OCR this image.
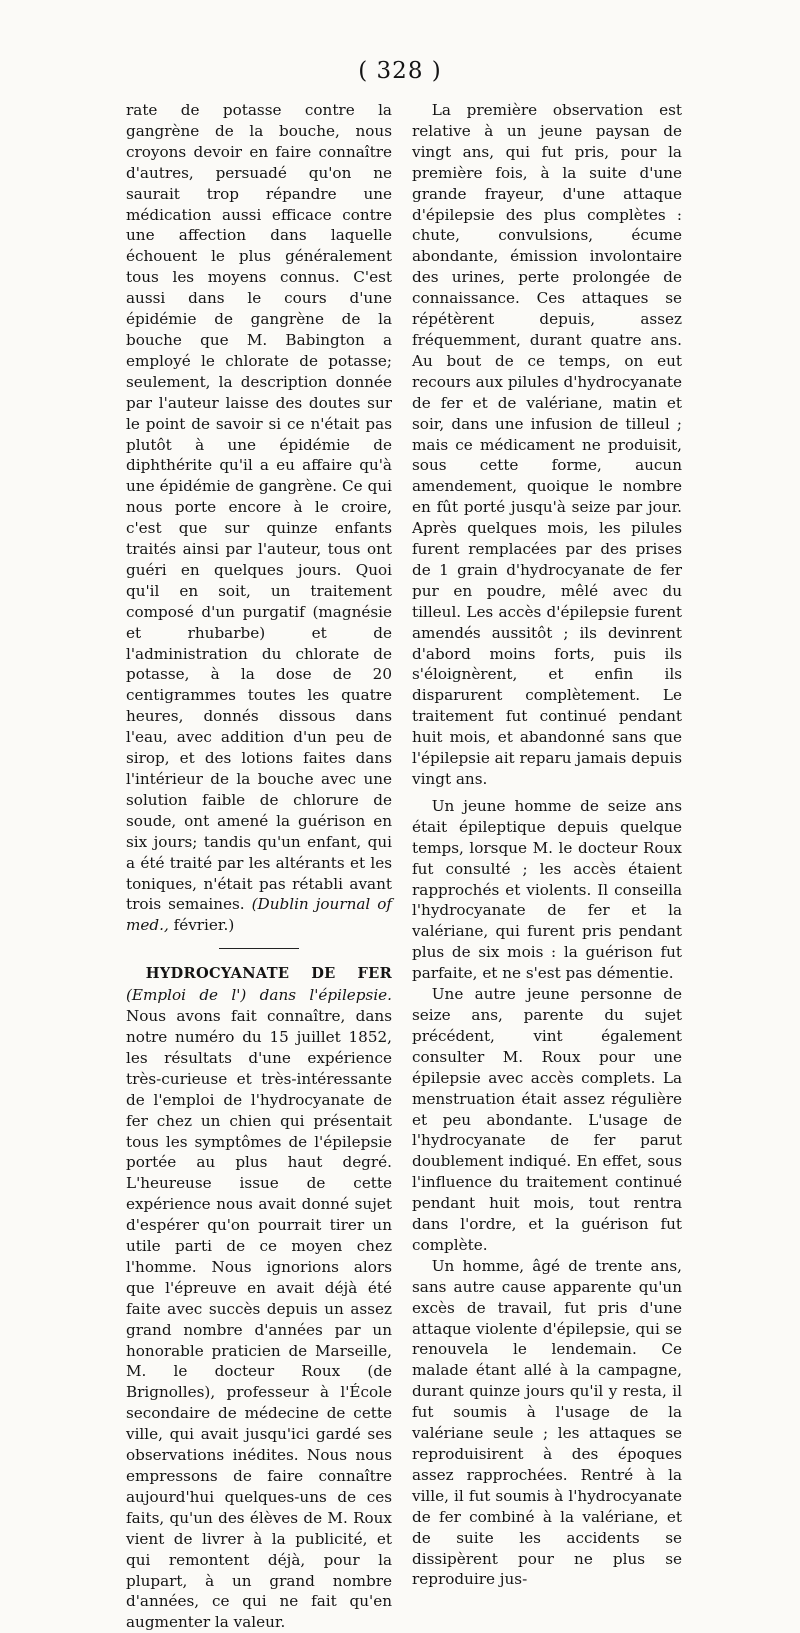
( 328 )

rate de potasse contre la gangrène de la bouche, nous croyons devoir en faire connaître d'autres, persuadé qu'on ne saurait trop répandre une médication aussi efficace contre une affection dans laquelle échouent le plus généralement tous les moyens connus. C'est aussi dans le cours d'une épidémie de gangrène de la bouche que M. Babington a employé le chlorate de potasse; seulement, la description donnée par l'auteur laisse des doutes sur le point de savoir si ce n'était pas plutôt à une épidémie de diphthérite qu'il a eu affaire qu'à une épidémie de gangrène. Ce qui nous porte encore à le croire, c'est que sur quinze enfants traités ainsi par l'auteur, tous ont guéri en quelques jours. Quoi qu'il en soit, un traitement composé d'un purgatif (magnésie et rhubarbe) et de l'administration du chlorate de potasse, à la dose de 20 centigrammes toutes les quatre heures, donnés dissous dans l'eau, avec addition d'un peu de sirop, et des lotions faites dans l'intérieur de la bouche avec une solution faible de chlorure de soude, ont amené la guérison en six jours; tandis qu'un enfant, qui a été traité par les altérants et les toniques, n'était pas rétabli avant trois semaines. (Dublin journal of med., février.)

HYDROCYANATE DE FER (Emploi de l') dans l'épilepsie. Nous avons fait connaître, dans notre numéro du 15 juillet 1852, les résultats d'une expérience très-curieuse et très-intéressante de l'emploi de l'hydrocyanate de fer chez un chien qui présentait tous les symptômes de l'épilepsie portée au plus haut degré. L'heureuse issue de cette expérience nous avait donné sujet d'espérer qu'on pourrait tirer un utile parti de ce moyen chez l'homme. Nous ignorions alors que l'épreuve en avait déjà été faite avec succès depuis un assez grand nombre d'années par un honorable praticien de Marseille, M. le docteur Roux (de Brignolles), professeur à l'École secondaire de médecine de cette ville, qui avait jusqu'ici gardé ses observations inédites. Nous nous empressons de faire connaître aujourd'hui quelques-uns de ces faits, qu'un des élèves de M. Roux vient de livrer à la publicité, et qui remontent déjà, pour la plupart, à un grand nombre d'années, ce qui ne fait qu'en augmenter la valeur.

La première observation est relative à un jeune paysan de vingt ans, qui fut pris, pour la première fois, à la suite d'une grande frayeur, d'une attaque d'épilepsie des plus complètes : chute, convulsions, écume abondante, émission involontaire des urines, perte prolongée de connaissance. Ces attaques se répétèrent depuis, assez fréquemment, durant quatre ans. Au bout de ce temps, on eut recours aux pilules d'hydrocyanate de fer et de valériane, matin et soir, dans une infusion de tilleul ; mais ce médicament ne produisit, sous cette forme, aucun amendement, quoique le nombre en fût porté jusqu'à seize par jour. Après quelques mois, les pilules furent remplacées par des prises de 1 grain d'hydrocyanate de fer pur en poudre, mêlé avec du tilleul. Les accès d'épilepsie furent amendés aussitôt ; ils devinrent d'abord moins forts, puis ils s'éloignèrent, et enfin ils disparurent complètement. Le traitement fut continué pendant huit mois, et abandonné sans que l'épilepsie ait reparu jamais depuis vingt ans.

Un jeune homme de seize ans était épileptique depuis quelque temps, lorsque M. le docteur Roux fut consulté ; les accès étaient rapprochés et violents. Il conseilla l'hydrocyanate de fer et la valériane, qui furent pris pendant plus de six mois : la guérison fut parfaite, et ne s'est pas démentie.

Une autre jeune personne de seize ans, parente du sujet précédent, vint également consulter M. Roux pour une épilepsie avec accès complets. La menstruation était assez régulière et peu abondante. L'usage de l'hydrocyanate de fer parut doublement indiqué. En effet, sous l'influence du traitement continué pendant huit mois, tout rentra dans l'ordre, et la guérison fut complète.

Un homme, âgé de trente ans, sans autre cause apparente qu'un excès de travail, fut pris d'une attaque violente d'épilepsie, qui se renouvela le lendemain. Ce malade étant allé à la campagne, durant quinze jours qu'il y resta, il fut soumis à l'usage de la valériane seule ; les attaques se reproduisirent à des époques assez rapprochées. Rentré à la ville, il fut soumis à l'hydrocyanate de fer combiné à la valériane, et de suite les accidents se dissipèrent pour ne plus se reproduire jus-
